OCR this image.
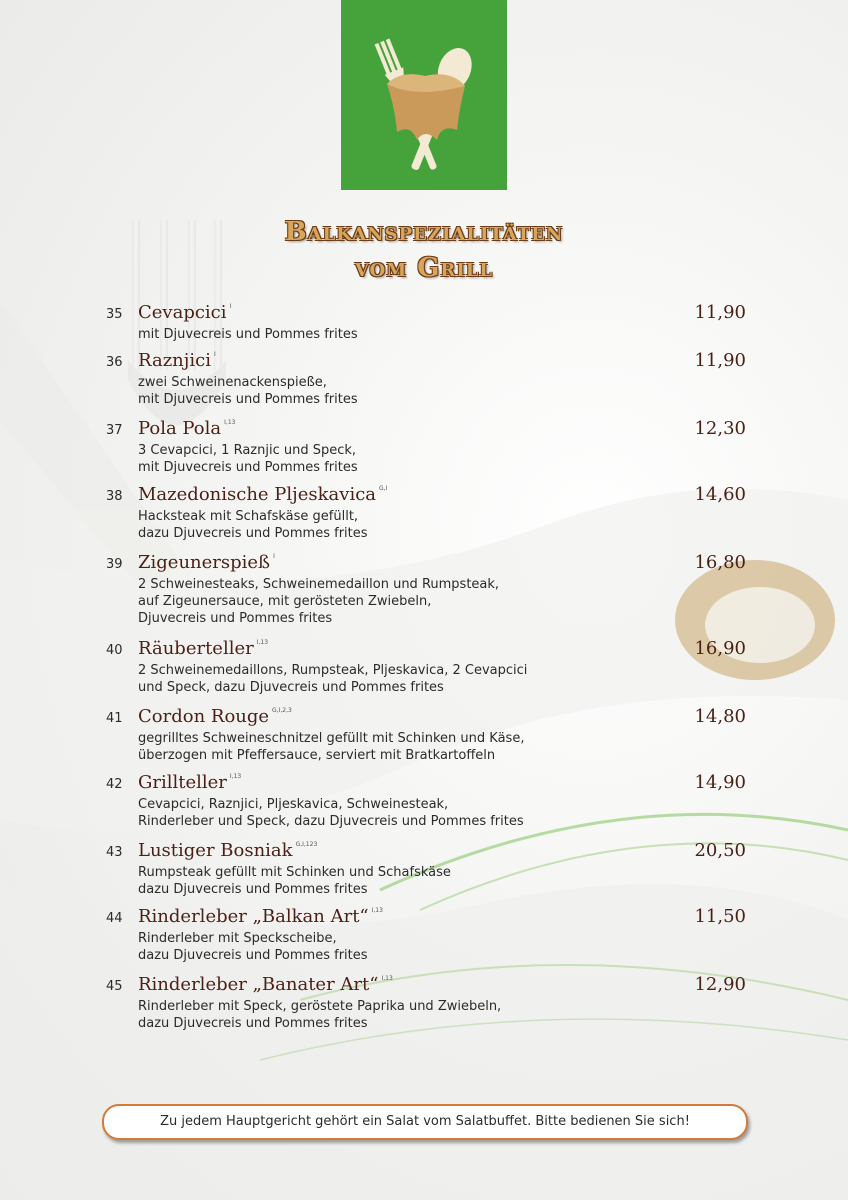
Balkanspezialitäten
vom Grill
35 Cevapcici $^I$	11,90
mit Djuvecreis und Pommes frites
36 Raznjici $^I$	11,90
zwei Schweinenackenspieße,
mit Djuvecreis und Pommes frites
37 Pola Pola $^{I,13}$	12,30
3 Cevapcici, 1 Raznjic und Speck,
mit Djuvecreis und Pommes frites
38 Mazedonische Pljeskavica $^{G,I}$	14,60
Hacksteak mit Schafskäse gefüllt,
dazu Djuvecreis und Pommes frites
39 Zigeunerspieß $^I$	16,80
2 Schweinesteaks, Schweinemedaillon und Rumpsteak,
auf Zigeunersauce, mit gerösteten Zwiebeln,
Djuvecreis und Pommes frites
40 Räuberteller $^{I,13}$	16,90
2 Schweinemedaillons, Rumpsteak, Pljeskavica, 2 Cevapcici
und Speck, dazu Djuvecreis und Pommes frites
41 Cordon Rouge $^{G,I,2,3}$	14,80
gegrilltes Schweineschnitzel gefüllt mit Schinken und Käse,
überzogen mit Pfeffersauce, serviert mit Bratkartoffeln
42 Grillteller $^{I,13}$	14,90
Cevapcici, Raznjici, Pljeskavica, Schweinesteak,
Rinderleber und Speck, dazu Djuvecreis und Pommes frites
43 Lustiger Bosniak $^{G,I,123}$	20,50
Rumpsteak gefüllt mit Schinken und Schafskäse
dazu Djuvecreis und Pommes frites
44 Rinderleber „Balkan Art“ $^{I,13}$	11,50
Rinderleber mit Speckscheibe,
dazu Djuvecreis und Pommes frites
45 Rinderleber „Banater Art“ $^{I,13}$	12,90
Rinderleber mit Speck, geröstete Paprika und Zwiebeln,
dazu Djuvecreis und Pommes frites
Zu jedem Hauptgericht gehört ein Salat vom Salatbuffet. Bitte bedienen Sie sich!
